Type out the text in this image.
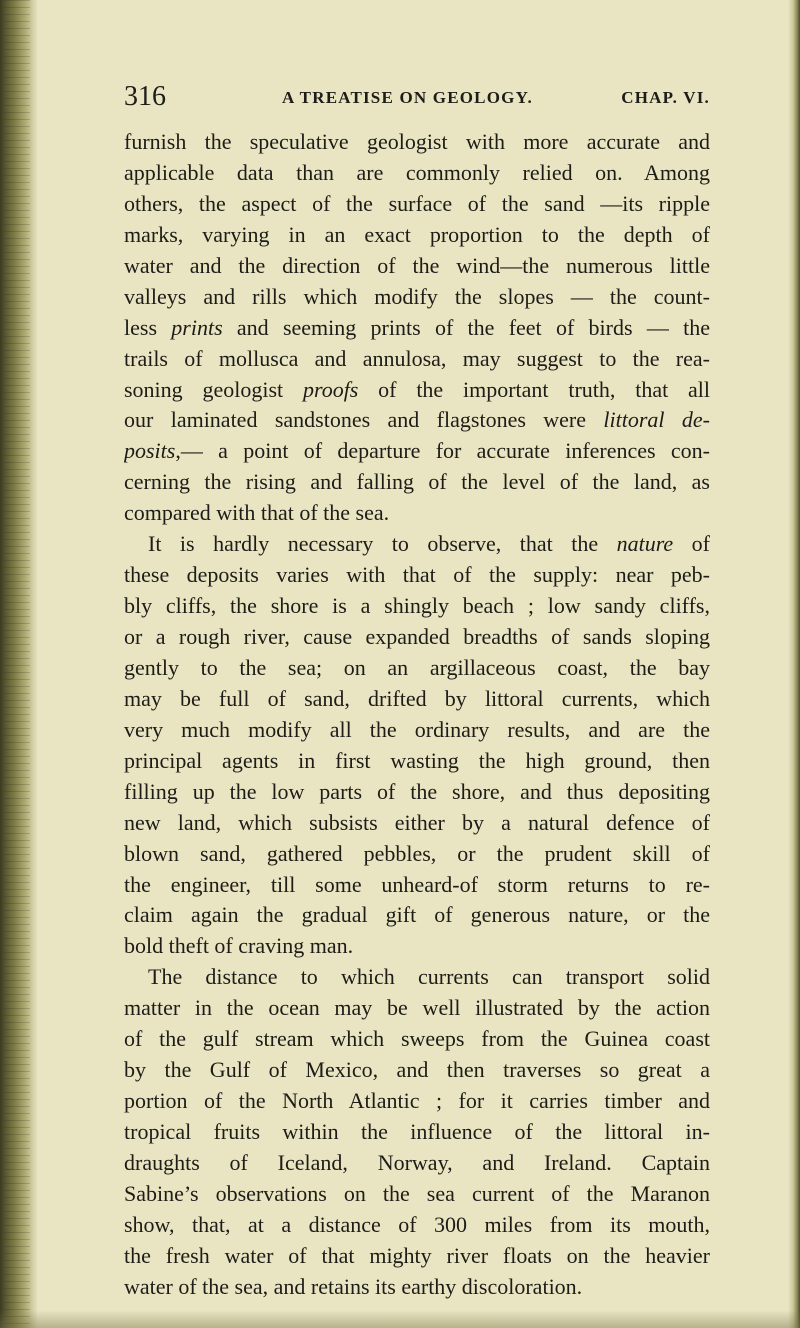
316	A TREATISE ON GEOLOGY.	CHAP. VI.
furnish the speculative geologist with more accurate and
applicable data than are commonly relied on. Among
others, the aspect of the surface of the sand —its ripple
marks, varying in an exact proportion to the depth of
water and the direction of the wind—the numerous little
valleys and rills which modify the slopes — the count-
less prints and seeming prints of the feet of birds — the
trails of mollusca and annulosa, may suggest to the rea-
soning geologist proofs of the important truth, that all
our laminated sandstones and flagstones were littoral de-
posits,— a point of departure for accurate inferences con-
cerning the rising and falling of the level of the land, as
compared with that of the sea.
It is hardly necessary to observe, that the nature of
these deposits varies with that of the supply: near peb-
bly cliffs, the shore is a shingly beach ; low sandy cliffs,
or a rough river, cause expanded breadths of sands sloping
gently to the sea; on an argillaceous coast, the bay
may be full of sand, drifted by littoral currents, which
very much modify all the ordinary results, and are the
principal agents in first wasting the high ground, then
filling up the low parts of the shore, and thus depositing
new land, which subsists either by a natural defence of
blown sand, gathered pebbles, or the prudent skill of
the engineer, till some unheard-of storm returns to re-
claim again the gradual gift of generous nature, or the
bold theft of craving man.
The distance to which currents can transport solid
matter in the ocean may be well illustrated by the action
of the gulf stream which sweeps from the Guinea coast
by the Gulf of Mexico, and then traverses so great a
portion of the North Atlantic ; for it carries timber and
tropical fruits within the influence of the littoral in-
draughts of Iceland, Norway, and Ireland. Captain
Sabine’s observations on the sea current of the Maranon
show, that, at a distance of 300 miles from its mouth,
the fresh water of that mighty river floats on the heavier
water of the sea, and retains its earthy discoloration.
